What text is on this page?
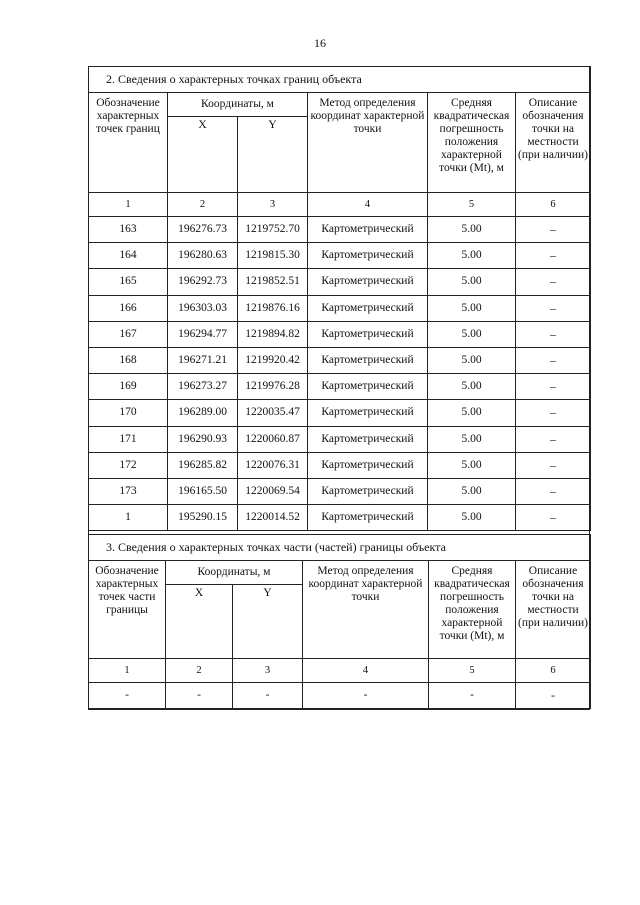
16
2. Сведения о характерных точках границ объекта					
Обозначение характерных точек границ	Координаты, м		Метод определения координат характерной точки	Средняя квадратическая погрешность положения характерной точки (Mt), м	Описание обозначения точки на местности (при наличии)
	X	Y			
1	2	3	4	5	6
163	196276.73	1219752.70	Картометрический	5.00	–
164	196280.63	1219815.30	Картометрический	5.00	–
165	196292.73	1219852.51	Картометрический	5.00	–
166	196303.03	1219876.16	Картометрический	5.00	–
167	196294.77	1219894.82	Картометрический	5.00	–
168	196271.21	1219920.42	Картометрический	5.00	–
169	196273.27	1219976.28	Картометрический	5.00	–
170	196289.00	1220035.47	Картометрический	5.00	–
171	196290.93	1220060.87	Картометрический	5.00	–
172	196285.82	1220076.31	Картометрический	5.00	–
173	196165.50	1220069.54	Картометрический	5.00	–
1	195290.15	1220014.52	Картометрический	5.00	–
3. Сведения о характерных точках части (частей) границы объекта					
Обозначение характерных точек части границы	Координаты, м		Метод определения координат характерной точки	Средняя квадратическая погрешность положения характерной точки (Mt), м	Описание обозначения точки на местности (при наличии)
	X	Y			
1	2	3	4	5	6
-	-	-	-	-	-
